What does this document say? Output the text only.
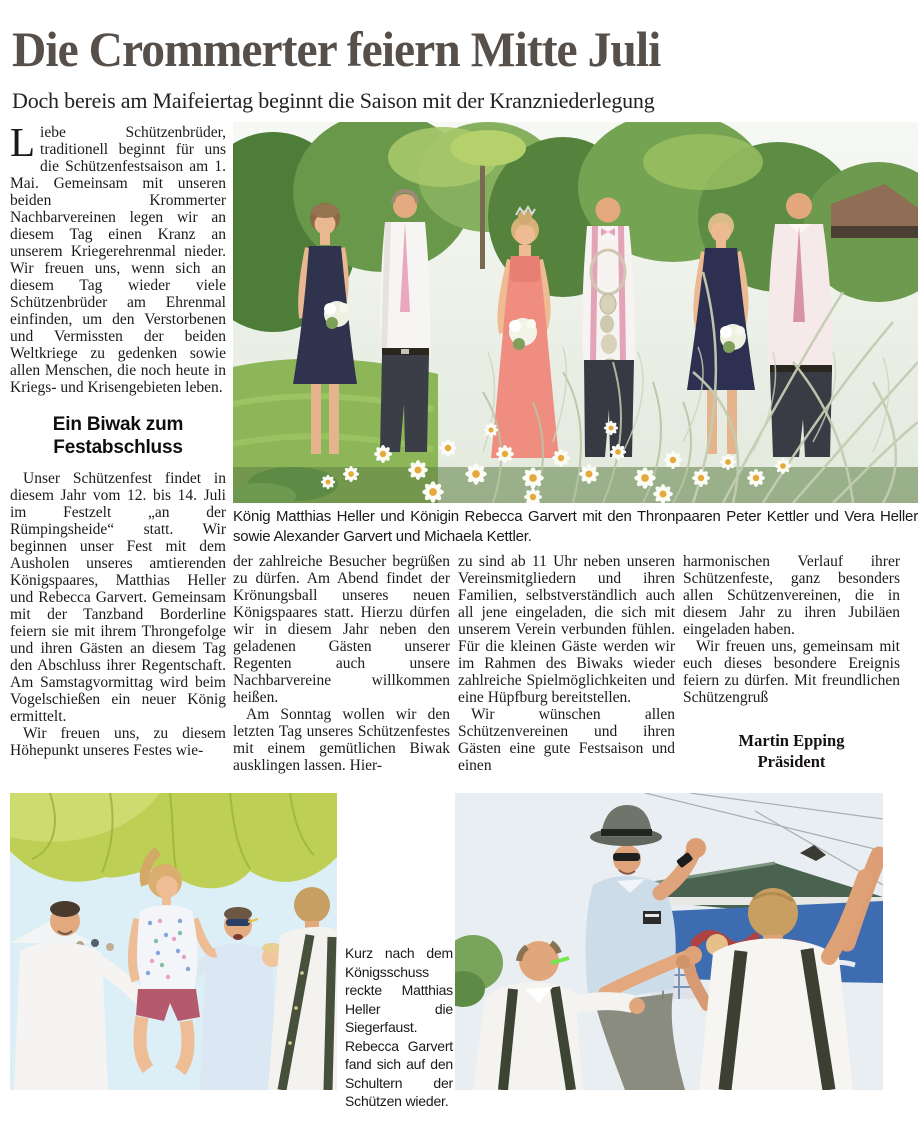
Die Crommerter feiern Mitte Juli
Doch bereis am Maifeiertag beginnt die Saison mit der Kranzniederlegung

Liebe Schützenbrüder, traditionell beginnt für uns die Schützenfestsaison am 1. Mai. Gemeinsam mit unseren beiden Krommerter Nachbarvereinen legen wir an diesem Tag einen Kranz an unserem Kriegerehrenmal nieder. Wir freuen uns, wenn sich an diesem Tag wieder viele Schützenbrüder am Ehrenmal einfinden, um den Verstorbenen und Vermissten der beiden Weltkriege zu gedenken sowie allen Menschen, die noch heute in Kriegs- und Krisengebieten leben.

Ein Biwak zum Festabschluss

Unser Schützenfest findet in diesem Jahr vom 12. bis 14. Juli im Festzelt „an der Rümpingsheide“ statt. Wir beginnen unser Fest mit dem Ausholen unseres amtierenden Königspaares, Matthias Heller und Rebecca Garvert. Gemeinsam mit der Tanzband Borderline feiern sie mit ihrem Throngefolge und ihren Gästen an diesem Tag den Abschluss ihrer Regentschaft. Am Samstagvormittag wird beim Vogelschießen ein neuer König ermittelt.

Wir freuen uns, zu diesem Höhepunkt unseres Festes wie-

König Matthias Heller und Königin Rebecca Garvert mit den Thronpaaren Peter Kettler und Vera Heller sowie Alexander Garvert und Michaela Kettler.

der zahlreiche Besucher begrüßen zu dürfen. Am Abend findet der Krönungsball unseres neuen Königspaares statt. Hierzu dürfen wir in diesem Jahr neben den geladenen Gästen unserer Regenten auch unsere Nachbarvereine willkommen heißen.

Am Sonntag wollen wir den letzten Tag unseres Schützenfestes mit einem gemütlichen Biwak ausklingen lassen. Hier-

zu sind ab 11 Uhr neben unseren Vereinsmitgliedern und ihren Familien, selbstverständlich auch all jene eingeladen, die sich mit unserem Verein verbunden fühlen. Für die kleinen Gäste werden wir im Rahmen des Biwaks wieder zahlreiche Spielmöglichkeiten und eine Hüpfburg bereitstellen.

Wir wünschen allen Schützenvereinen und ihren Gästen eine gute Festsaison und einen

harmonischen Verlauf ihrer Schützenfeste, ganz besonders allen Schützenvereinen, die in diesem Jahr zu ihren Jubiläen eingeladen haben.

Wir freuen uns, gemeinsam mit euch dieses besondere Ereignis feiern zu dürfen. Mit freundlichen Schützengruß

Martin Epping

Präsident

Kurz nach dem Königsschuss reckte Matthias Heller die Siegerfaust. Rebecca Garvert fand sich auf den Schultern der Schützen wieder.
